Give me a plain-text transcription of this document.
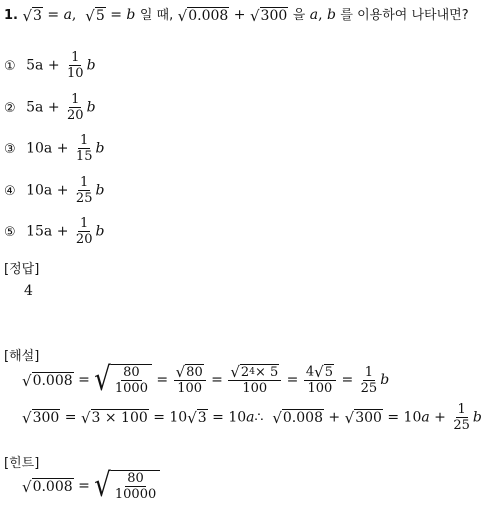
1. √ 3 = a, √ 5 = b 일 때, √ 0.008 + √ 300 을 a, b 를 이용하여 나타내면?
① $5a + \frac{1}{10}$ b
② $5a + \frac{1}{20}$ b
③ $10a + \frac{1}{15}$ b
④ $10a + \frac{1}{25}$ b
⑤ $15a + \frac{1}{20}$ b
[정답]
4
[해설]
√ 0.008 = √ $\frac{80}{1000} = \frac{√ 80}{100} = \frac{√ 2 4 \times 5}{100} = \frac{4 √ 5}{100} = \frac{1}{25}$ b
√ 300 = √ 3 × 100 = 10 √ 3 = 10a∴ √ 0.008 + √ $300 = 10a + \frac{1}{25}$ b
[힌트]
√ 0.008 = √ $\frac{80}{10000}$
